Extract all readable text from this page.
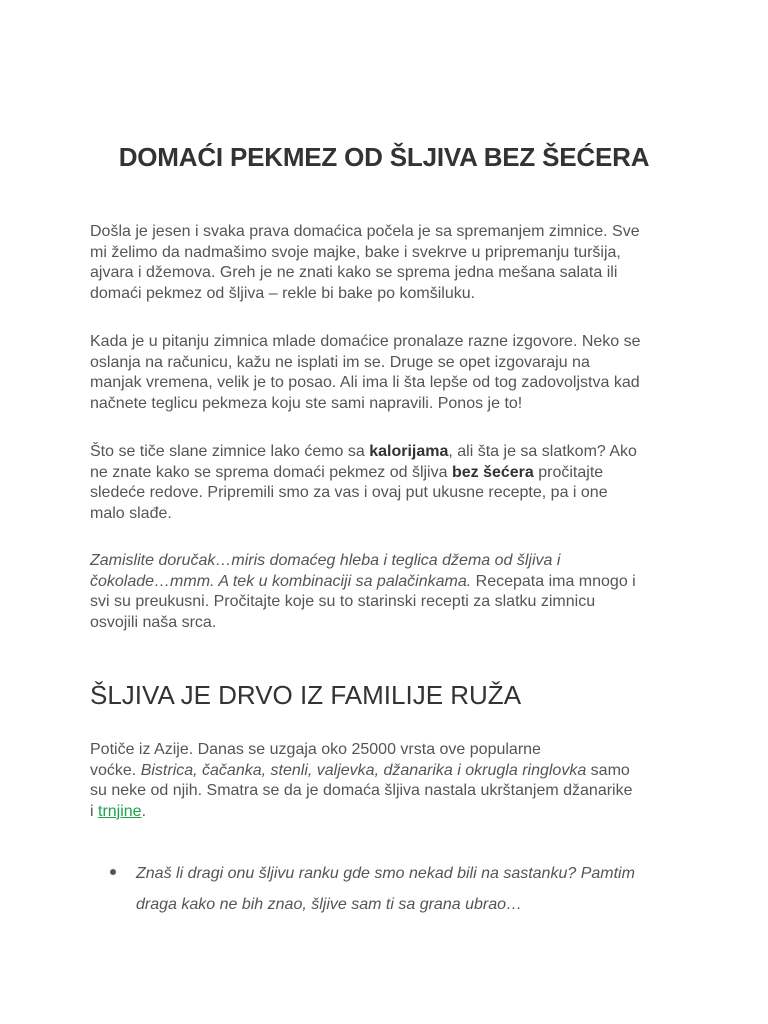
DOMAĆI PEKMEZ OD ŠLJIVA BEZ ŠEĆERA

Došla je jesen i svaka prava domaćica počela je sa spremanjem zimnice. Sve
mi želimo da nadmašimo svoje majke, bake i svekrve u pripremanju turšija,
ajvara i džemova. Greh je ne znati kako se sprema jedna mešana salata ili
domaći pekmez od šljiva – rekle bi bake po komšiluku.

Kada je u pitanju zimnica mlade domaćice pronalaze razne izgovore. Neko se
oslanja na računicu, kažu ne isplati im se. Druge se opet izgovaraju na
manjak vremena, velik je to posao. Ali ima li šta lepše od tog zadovoljstva kad
načnete teglicu pekmeza koju ste sami napravili. Ponos je to!

Što se tiče slane zimnice lako ćemo sa kalorijama, ali šta je sa slatkom? Ako
ne znate kako se sprema domaći pekmez od šljiva bez šećera pročitajte
sledeće redove. Pripremili smo za vas i ovaj put ukusne recepte, pa i one
malo slađe.

Zamislite doručak…miris domaćeg hleba i teglica džema od šljiva i
čokolade…mmm. A tek u kombinaciji sa palačinkama. Recepata ima mnogo i
svi su preukusni. Pročitajte koje su to starinski recepti za slatku zimnicu
osvojili naša srca.

ŠLJIVA JE DRVO IZ FAMILIJE RUŽA

Potiče iz Azije. Danas se uzgaja oko 25000 vrsta ove popularne
voćke. Bistrica, čačanka, stenli, valjevka, džanarika i okrugla ringlovka samo
su neke od njih. Smatra se da je domaća šljiva nastala ukrštanjem džanarike
i trnjine.

Znaš li dragi onu šljivu ranku gde smo nekad bili na sastanku? Pamtim
draga kako ne bih znao, šljive sam ti sa grana ubrao…
